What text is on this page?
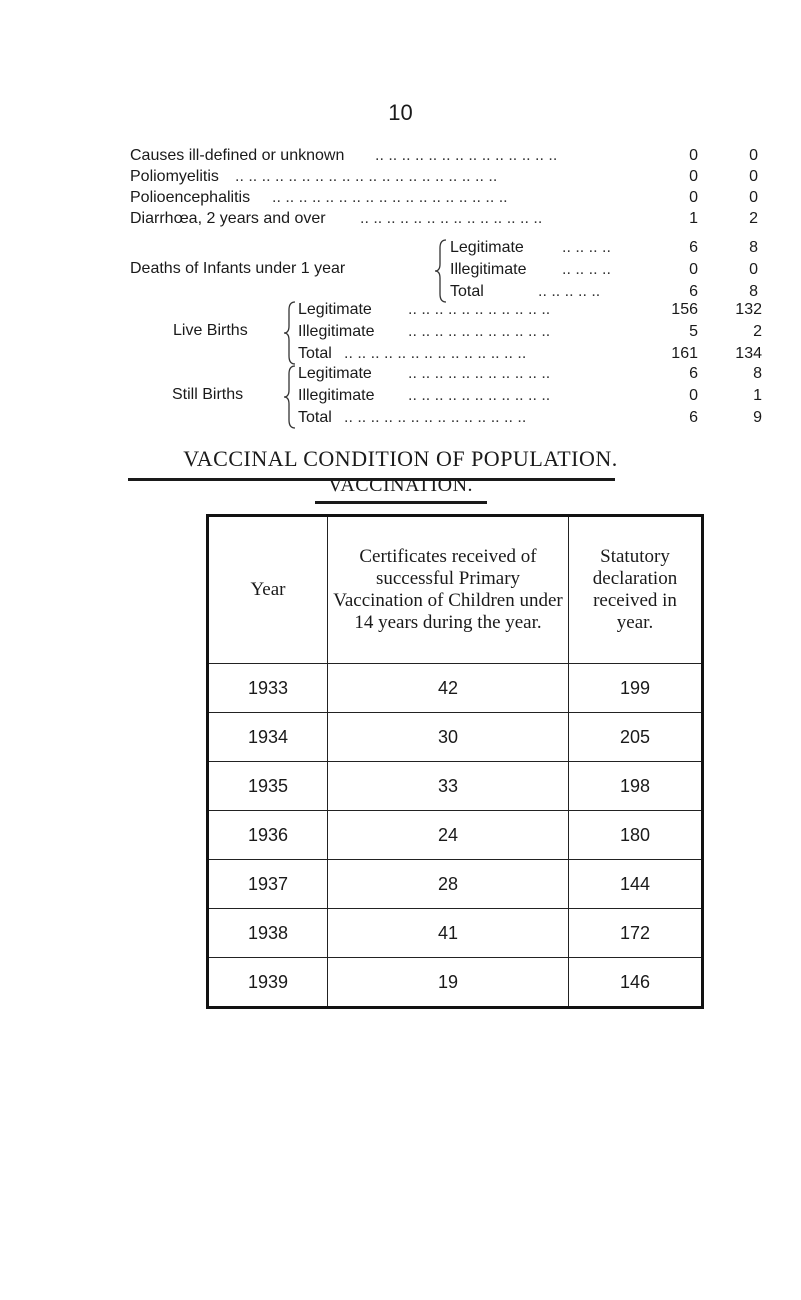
10
Causes ill-defined or unknown .. .. .. .. .. .. .. .. .. .. .. .. .. ..	0	0
Poliomyelitis .. .. .. .. .. .. .. .. .. .. .. .. .. .. .. .. .. .. .. ..	0	0
Polioencephalitis .. .. .. .. .. .. .. .. .. .. .. .. .. .. .. .. .. ..	0	0
Diarrhœa, 2 years and over .. .. .. .. .. .. .. .. .. .. .. .. .. ..	1	2
Deaths of Infants under 1 year
Legitimate .. .. .. ..	6	8
Illegitimate .. .. .. ..	0	0
Total	.. .. .. .. ..	6	8
Live Births
Legitimate .. .. .. .. .. .. .. .. .. .. ..	156	132
Illegitimate .. .. .. .. .. .. .. .. .. .. ..	5	2
Total .. .. .. .. .. .. .. .. .. .. .. .. .. ..	161	134
Still Births
Legitimate .. .. .. .. .. .. .. .. .. .. ..	6	8
Illegitimate .. .. .. .. .. .. .. .. .. .. ..	0	1
Total .. .. .. .. .. .. .. .. .. .. .. .. .. ..	6	9
VACCINAL CONDITION OF POPULATION.
VACCINATION.
Year	Certificates received of successful Primary Vaccination of Children under 14 years during the year.	Statutory declaration received in year.
1933	42	199
1934	30	205
1935	33	198
1936	24	180
1937	28	144
1938	41	172
1939	19	146
